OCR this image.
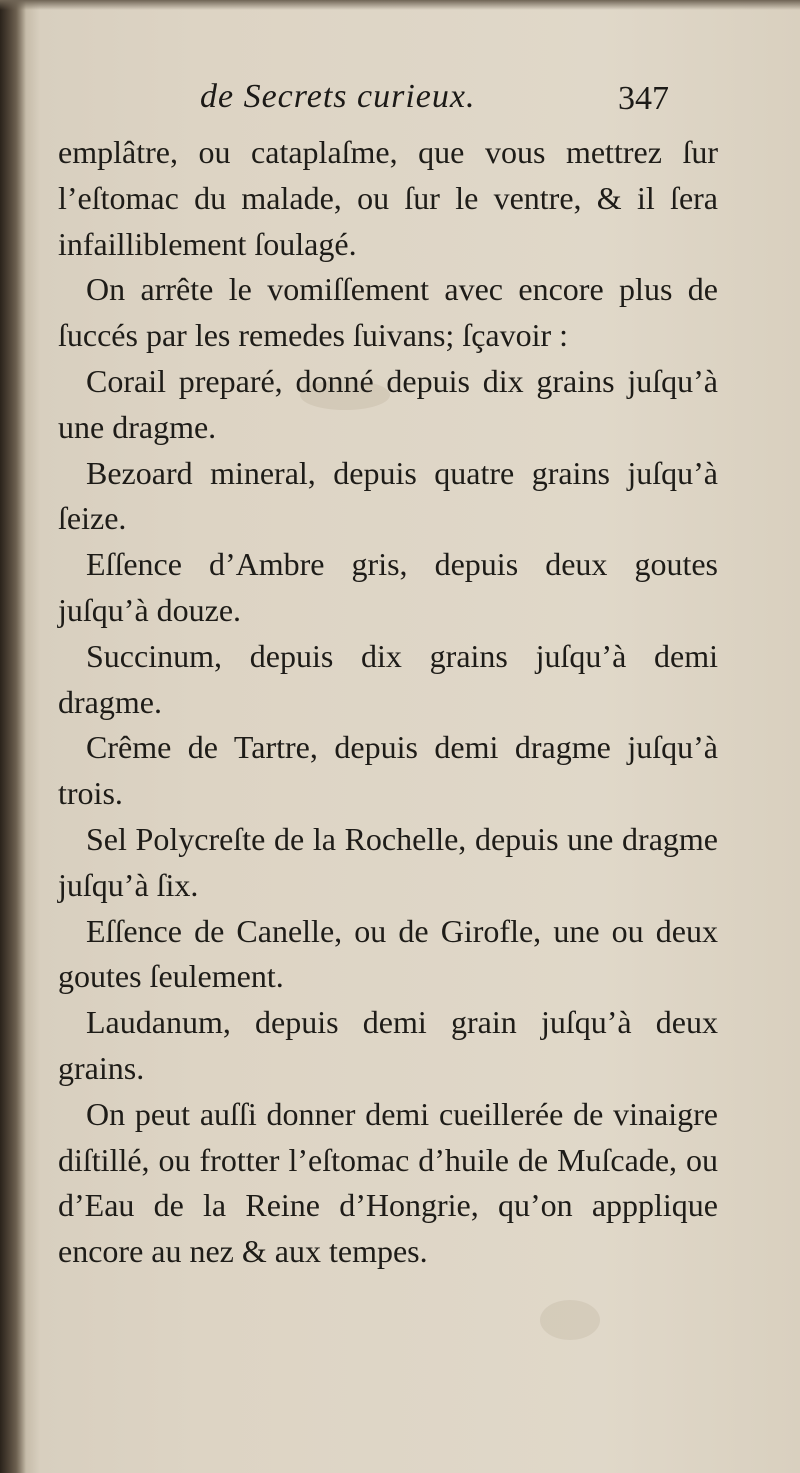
de Secrets curieux.	347

emplâtre, ou cataplaſme, que vous mettrez ſur l’eſtomac du malade, ou ſur le ventre, & il ſera infailliblement ſoulagé.

On arrête le vomiſſement avec encore plus de ſuccés par les remedes ſuivans; ſçavoir :

Corail preparé, donné depuis dix grains juſqu’à une dragme.

Bezoard mineral, depuis quatre grains juſqu’à ſeize.

Eſſence d’Ambre gris, depuis deux goutes juſqu’à douze.

Succinum, depuis dix grains juſqu’à demi dragme.

Crême de Tartre, depuis demi dragme juſqu’à trois.

Sel Polycreſte de la Rochelle, depuis une dragme juſqu’à ſix.

Eſſence de Canelle, ou de Girofle, une ou deux goutes ſeulement.

Laudanum, depuis demi grain juſqu’à deux grains.

On peut auſſi donner demi cueillerée de vinaigre diſtillé, ou frotter l’eſtomac d’huile de Muſcade, ou d’Eau de la Reine d’Hongrie, qu’on appplique encore au nez & aux tempes.
